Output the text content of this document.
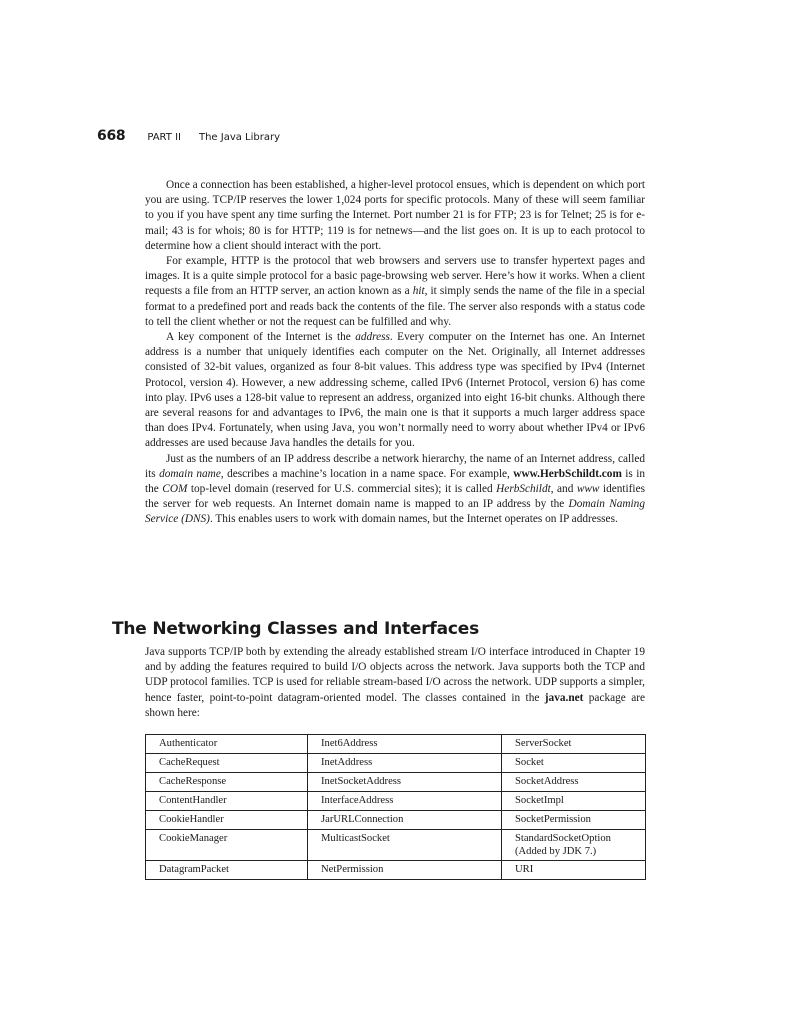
668 PART II The Java Library

Once a connection has been established, a higher-level protocol ensues, which is dependent on which port you are using. TCP/IP reserves the lower 1,024 ports for specific protocols. Many of these will seem familiar to you if you have spent any time surfing the Internet. Port number 21 is for FTP; 23 is for Telnet; 25 is for e-mail; 43 is for whois; 80 is for HTTP; 119 is for netnews—and the list goes on. It is up to each protocol to determine how a client should interact with the port.

For example, HTTP is the protocol that web browsers and servers use to transfer hypertext pages and images. It is a quite simple protocol for a basic page-browsing web server. Here’s how it works. When a client requests a file from an HTTP server, an action known as a hit, it simply sends the name of the file in a special format to a predefined port and reads back the contents of the file. The server also responds with a status code to tell the client whether or not the request can be fulfilled and why.

A key component of the Internet is the address. Every computer on the Internet has one. An Internet address is a number that uniquely identifies each computer on the Net. Originally, all Internet addresses consisted of 32-bit values, organized as four 8-bit values. This address type was specified by IPv4 (Internet Protocol, version 4). However, a new addressing scheme, called IPv6 (Internet Protocol, version 6) has come into play. IPv6 uses a 128-bit value to represent an address, organized into eight 16-bit chunks. Although there are several reasons for and advantages to IPv6, the main one is that it supports a much larger address space than does IPv4. Fortunately, when using Java, you won’t normally need to worry about whether IPv4 or IPv6 addresses are used because Java handles the details for you.

Just as the numbers of an IP address describe a network hierarchy, the name of an Internet address, called its domain name, describes a machine’s location in a name space. For example, www.HerbSchildt.com is in the COM top-level domain (reserved for U.S. commercial sites); it is called HerbSchildt, and www identifies the server for web requests. An Internet domain name is mapped to an IP address by the Domain Naming Service (DNS). This enables users to work with domain names, but the Internet operates on IP addresses.

The Networking Classes and Interfaces

Java supports TCP/IP both by extending the already established stream I/O interface introduced in Chapter 19 and by adding the features required to build I/O objects across the network. Java supports both the TCP and UDP protocol families. TCP is used for reliable stream-based I/O across the network. UDP supports a simpler, hence faster, point-to-point datagram-oriented model. The classes contained in the java.net package are shown here:

Authenticator	Inet6Address	ServerSocket
CacheRequest	InetAddress	Socket
CacheResponse	InetSocketAddress	SocketAddress
ContentHandler	InterfaceAddress	SocketImpl
CookieHandler	JarURLConnection	SocketPermission
CookieManager	MulticastSocket	StandardSocketOption
(Added by JDK 7.)
DatagramPacket	NetPermission	URI
